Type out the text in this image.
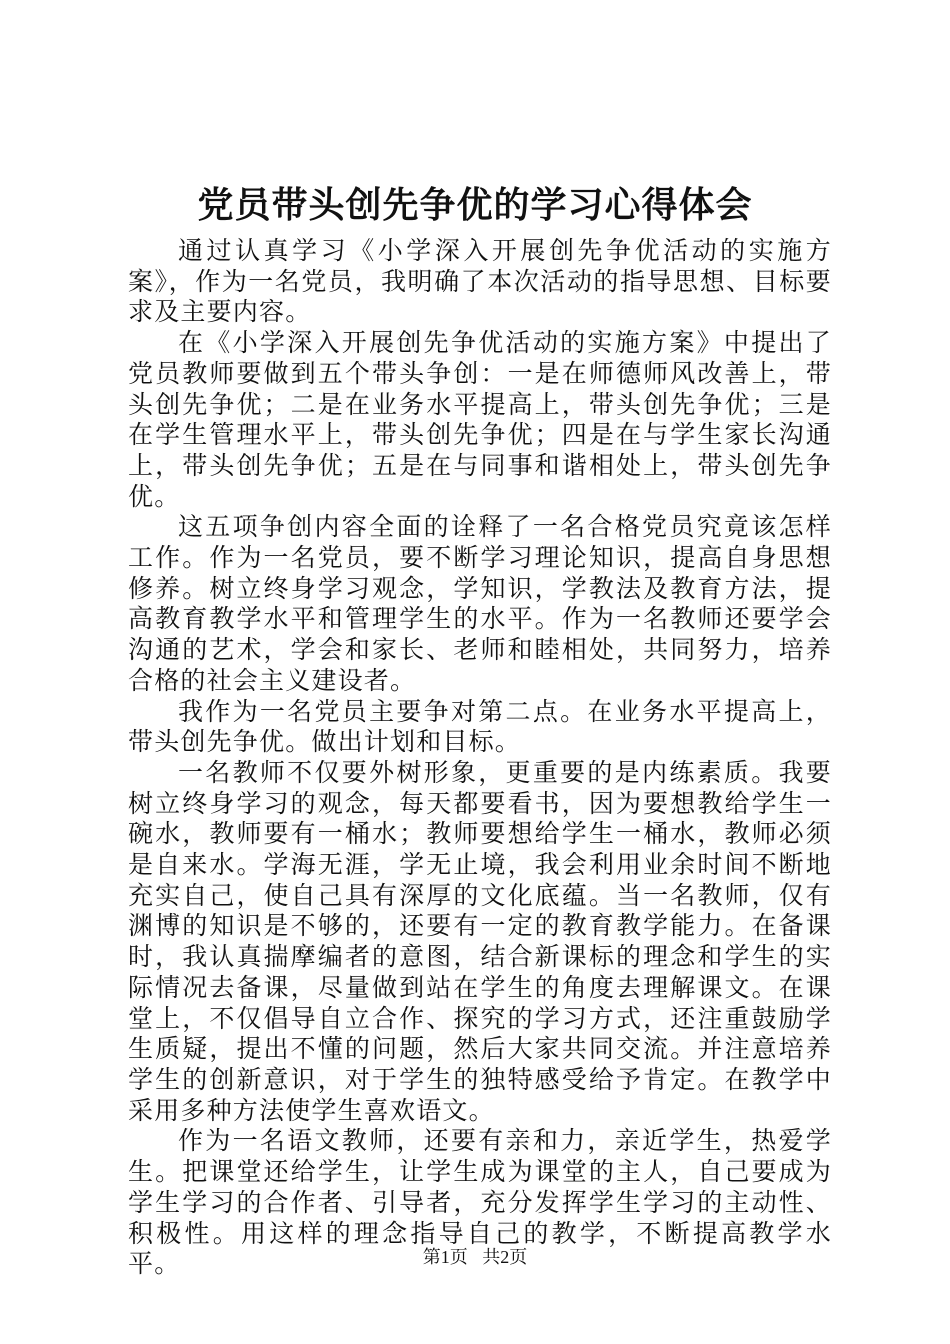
党员带头创先争优的学习心得体会

通过认真学习《小学深入开展创先争优活动的实施方案》，作为一名党员，我明确了本次活动的指导思想、目标要求及主要内容。

在《小学深入开展创先争优活动的实施方案》中提出了党员教师要做到五个带头争创：一是在师德师风改善上，带头创先争优；二是在业务水平提高上，带头创先争优；三是在学生管理水平上，带头创先争优；四是在与学生家长沟通上，带头创先争优；五是在与同事和谐相处上，带头创先争优。

这五项争创内容全面的诠释了一名合格党员究竟该怎样工作。作为一名党员，要不断学习理论知识，提高自身思想修养。树立终身学习观念，学知识，学教法及教育方法，提高教育教学水平和管理学生的水平。作为一名教师还要学会沟通的艺术，学会和家长、老师和睦相处，共同努力，培养合格的社会主义建设者。

我作为一名党员主要争对第二点。在业务水平提高上，带头创先争优。做出计划和目标。

一名教师不仅要外树形象，更重要的是内练素质。我要树立终身学习的观念，每天都要看书，因为要想教给学生一碗水，教师要有一桶水；教师要想给学生一桶水，教师必须是自来水。学海无涯，学无止境，我会利用业余时间不断地充实自己，使自己具有深厚的文化底蕴。当一名教师，仅有渊博的知识是不够的，还要有一定的教育教学能力。在备课时，我认真揣摩编者的意图，结合新课标的理念和学生的实际情况去备课，尽量做到站在学生的角度去理解课文。在课堂上，不仅倡导自立合作、探究的学习方式，还注重鼓励学生质疑，提出不懂的问题，然后大家共同交流。并注意培养学生的创新意识，对于学生的独特感受给予肯定。在教学中采用多种方法使学生喜欢语文。

作为一名语文教师，还要有亲和力，亲近学生，热爱学生。把课堂还给学生，让学生成为课堂的主人，自己要成为学生学习的合作者、引导者，充分发挥学生学习的主动性、积极性。用这样的理念指导自己的教学，不断提高教学水平。	第1页 共2页
